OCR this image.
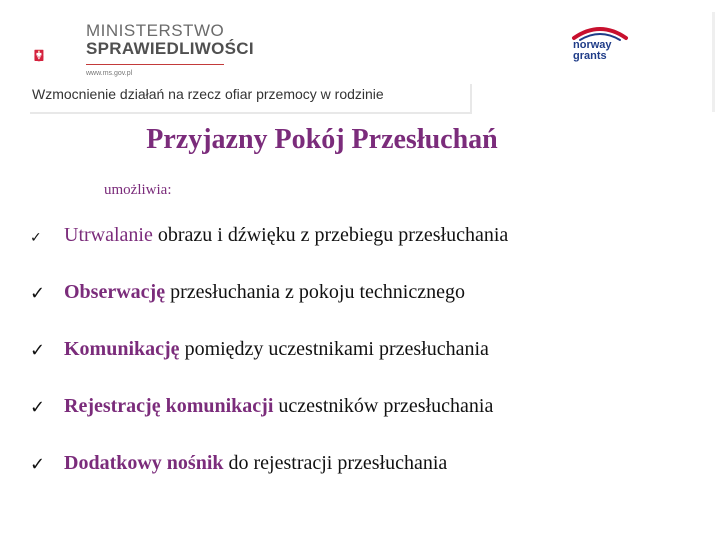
MINISTERSTWO
SPRAWIEDLIWOŚCI
www.ms.gov.pl
norway
grants
Wzmocnienie działań na rzecz ofiar przemocy w rodzinie
Przyjazny Pokój Przesłuchań
umożliwia:
✓	Utrwalanie obrazu i dźwięku z przebiegu przesłuchania
✓ Obserwację przesłuchania z pokoju technicznego
✓ Komunikację pomiędzy uczestnikami przesłuchania
✓ Rejestrację komunikacji uczestników przesłuchania
✓ Dodatkowy nośnik do rejestracji przesłuchania
